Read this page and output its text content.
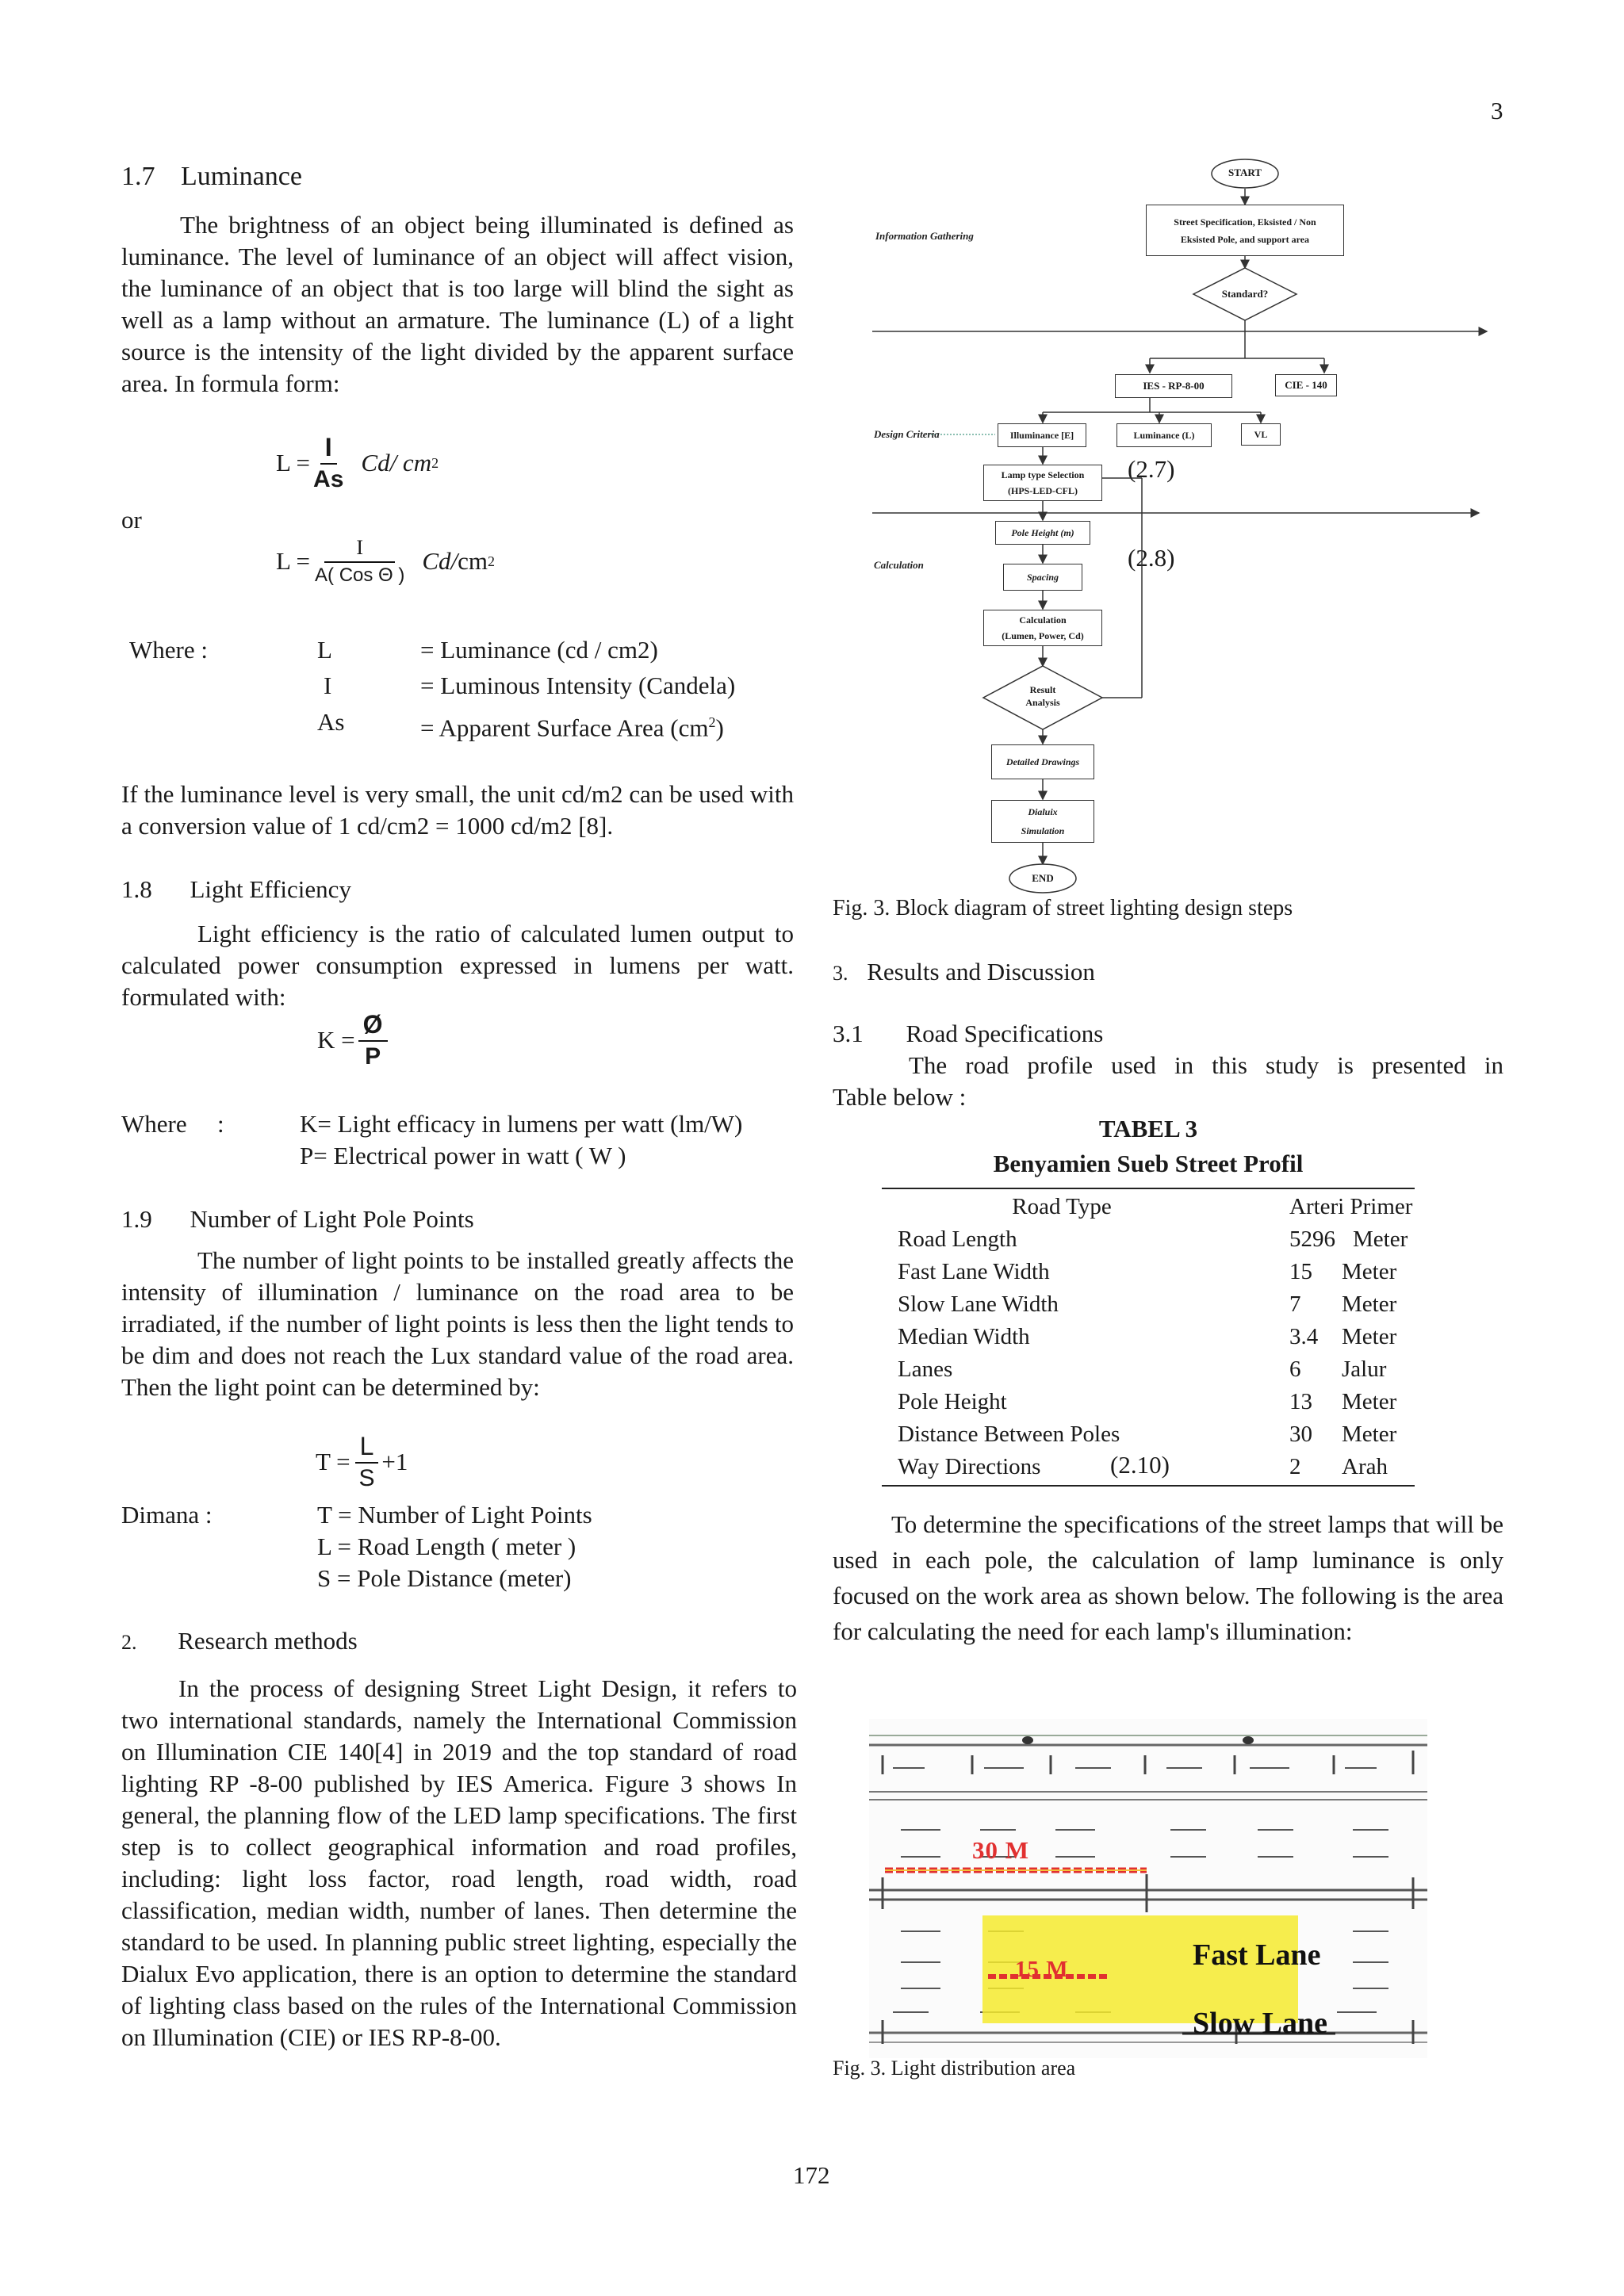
3
1.7 Luminance

The brightness of an object being illuminated is defined as luminance. The level of luminance of an object will affect vision, the luminance of an object that is too large will blind the sight as well as a lamp without an armature. The luminance (L) of a light source is the intensity of the light divided by the apparent surface area. In formula form:

$L = \frac{I}{As} Cd/$ cm 2	(2.7)
or
$L = \frac{I}{\text{A( Cos Θ )}} Cd/$ cm 2	(2.8)
Where :	L	= Luminance (cd / cm2)
I	= Luminous Intensity (Candela)
As	= Apparent Surface Area $(cm^2)$

If the luminance level is very small, the unit cd/m2 can be used with a conversion value of 1 cd/cm2 = 1000 cd/m2 [8].

1.8 Light Efficiency

Light efficiency is the ratio of calculated lumen output to calculated power consumption expressed in lumens per watt. formulated with:

$K = \frac{Ø}{P}$
Where :	K= Light efficacy in lumens per watt (lm/W)
P= Electrical power in watt ( W )
1.9 Number of Light Pole Points

The number of light points to be installed greatly affects the intensity of illumination / luminance on the road area to be irradiated, if the number of light points is less then the light tends to be dim and does not reach the Lux standard value of the road area. Then the light point can be determined by:

$T = \frac{L}{S} +1$	(2.10)
Dimana :	T = Number of Light Points
L = Road Length ( meter )
S = Pole Distance (meter)
2. Research methods

In the process of designing Street Light Design, it refers to two international standards, namely the International Commission on Illumination CIE 140[4] in 2019 and the top standard of road lighting RP -8-00 published by IES America. Figure 3 shows In general, the planning flow of the LED lamp specifications. The first step is to collect geographical information and road profiles, including: light loss factor, road length, road width, road classification, median width, number of lanes. Then determine the standard to be used. In planning public street lighting, especially the Dialux Evo application, there is an option to determine the standard of lighting class based on the rules of the International Commission on Illumination (CIE) or IES RP-8-00.

START
Street Specification, Eksisted / Non
Eksisted Pole, and support area
Standard?
IES - RP-8-00	CIE - 140
Illuminance [E]	Luminance (L)	VL
Lamp type Selection
(HPS-LED-CFL)
Pole Height (m)
Spacing
Calculation
(Lumen, Power, Cd)
Result
Analysis
Detailed Drawings
Dialuix
Simulation
END
Information Gathering
Design Criteria
Calculation
Fig. 3. Block diagram of street lighting design steps
3. Results and Discussion
3.1 Road Specifications
The road profile used in this study is presented in
Table below :
TABEL 3
Benyamien Sueb Street Profil
Road Type	Arteri Primer	
Road Length	5296	Meter
Fast Lane Width	15	Meter
Slow Lane Width	7	Meter
Median Width	3.4	Meter
Lanes	6	Jalur
Pole Height	13	Meter
Distance Between Poles	30	Meter
Way Directions	2	Arah

To determine the specifications of the street lamps that will be used in each pole, the calculation of lamp luminance is only focused on the work area as shown below. The following is the area for calculating the need for each lamp's illumination:

30 M
15 M	Fast Lane
Slow Lane
Fig. 3. Light distribution area
172
